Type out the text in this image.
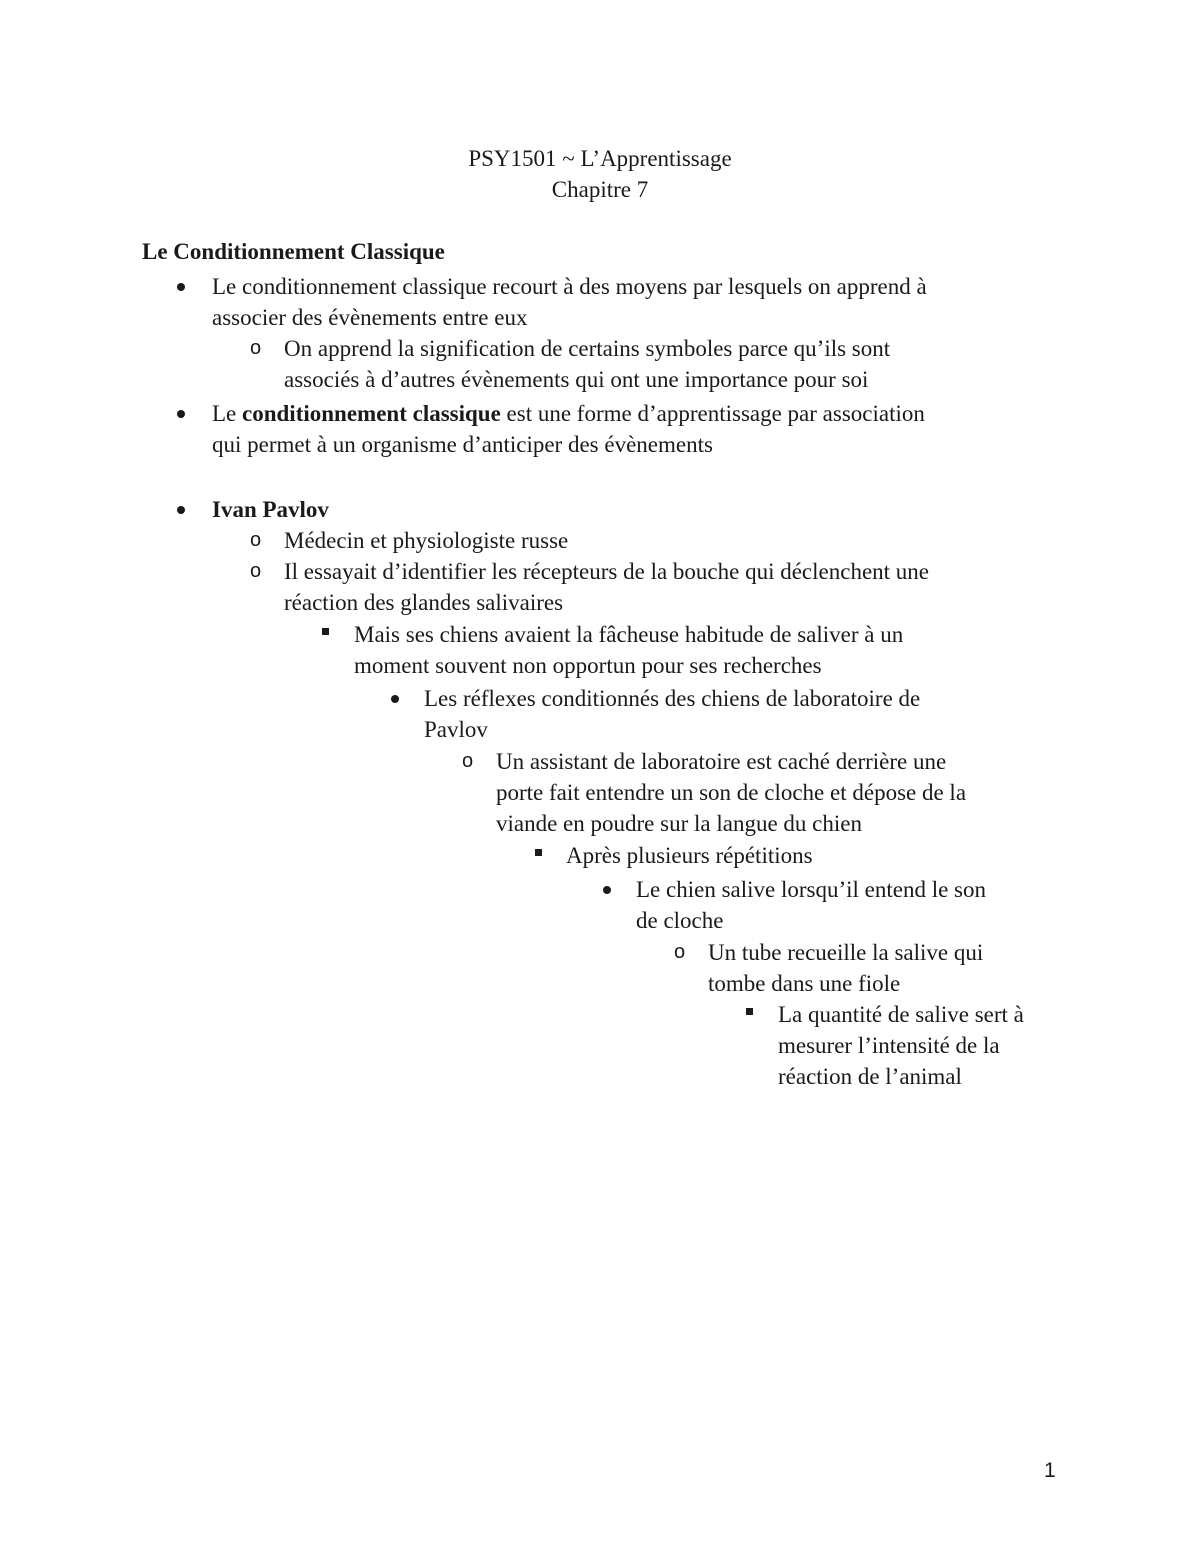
PSY1501 ~ L’Apprentissage
Chapitre 7
Le Conditionnement Classique
Le conditionnement classique recourt à des moyens par lesquels on apprend à
associer des évènements entre eux
o On apprend la signification de certains symboles parce qu’ils sont
associés à d’autres évènements qui ont une importance pour soi
Le conditionnement classique est une forme d’apprentissage par association
qui permet à un organisme d’anticiper des évènements
Ivan Pavlov
o Médecin et physiologiste russe
o Il essayait d’identifier les récepteurs de la bouche qui déclenchent une
réaction des glandes salivaires
Mais ses chiens avaient la fâcheuse habitude de saliver à un
moment souvent non opportun pour ses recherches
Les réflexes conditionnés des chiens de laboratoire de
Pavlov
o Un assistant de laboratoire est caché derrière une
porte fait entendre un son de cloche et dépose de la
viande en poudre sur la langue du chien
Après plusieurs répétitions
Le chien salive lorsqu’il entend le son
de cloche
o Un tube recueille la salive qui
tombe dans une fiole
La quantité de salive sert à
mesurer l’intensité de la
réaction de l’animal
1
